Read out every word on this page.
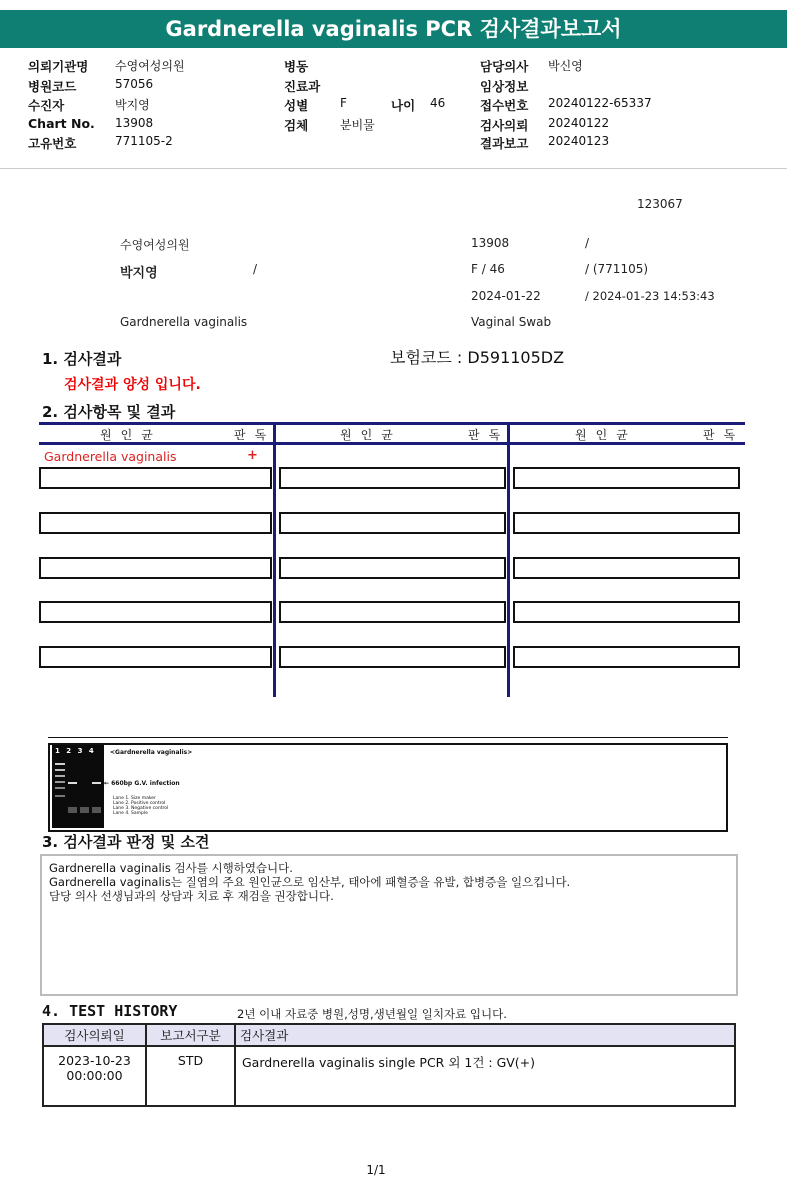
Gardnerella vaginalis PCR 검사결과보고서
의뢰기관명 수영여성의원
병원코드	57056
수진자	박지영
Chart No. 13908
고유번호	771105-2
병동
진료과
성별	F	나이 46
검체	분비물
담당의사 박신영
임상정보
접수번호 20240122-65337
검사의뢰 20240122
결과보고 20240123
123067
수영여성의원	13908	/
박지영	/	F / 46	/ (771105)
2024-01-22	/ 2024-01-23 14:53:43
Gardnerella vaginalis	Vaginal Swab
1. 검사결과	보험코드 : D591105DZ
검사결과 양성 입니다.
2. 검사항목 및 결과
원인균	판독	원인균	판독	원인균	판독
Gardnerella vaginalis	+
1 2 3 4	<Gardnerella vaginalis>
← 660bp G.V. infection
Lane 1. Size maker
Lane 2. Positive control
Lane 3. Negative control
Lane 4. Sample
3. 검사결과 판정 및 소견
Gardnerella vaginalis 검사를 시행하였습니다.
Gardnerella vaginalis는 질염의 주요 원인균으로 임산부, 태아에 패혈증을 유발, 합병증을 일으킵니다.
담당 의사 선생님과의 상담과 치료 후 재검을 권장합니다.
4. TEST HISTORY	2년 이내 자료중 병원,성명,생년월일 일치자료 입니다.
검사의뢰일	보고서구분	검사결과

2023-10-23
00:00:00	STD	Gardnerella vaginalis single PCR 외 1건 : GV(+)
1/1
